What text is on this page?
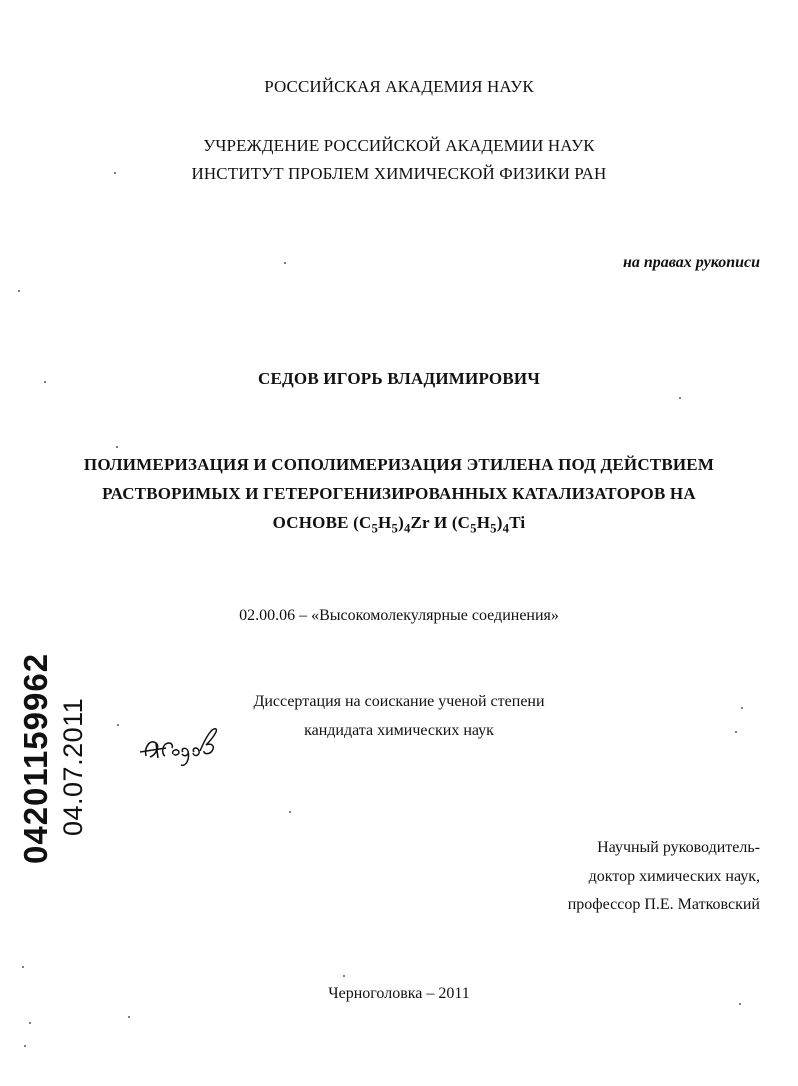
РОССИЙСКАЯ АКАДЕМИЯ НАУК
УЧРЕЖДЕНИЕ РОССИЙСКОЙ АКАДЕМИИ НАУК
ИНСТИТУТ ПРОБЛЕМ ХИМИЧЕСКОЙ ФИЗИКИ РАН
на правах рукописи
СЕДОВ ИГОРЬ ВЛАДИМИРОВИЧ
ПОЛИМЕРИЗАЦИЯ И СОПОЛИМЕРИЗАЦИЯ ЭТИЛЕНА ПОД ДЕЙСТВИЕМ
РАСТВОРИМЫХ И ГЕТЕРОГЕНИЗИРОВАННЫХ КАТАЛИЗАТОРОВ НА
ОСНОВЕ $(C_5H_5)_4Zr$ И $(C_5H_5)_4Ti$
02.00.06 – «Высокомолекулярные соединения»
Диссертация на соискание ученой степени
кандидата химических наук
Научный руководитель-
доктор химических наук,
профессор П.Е. Матковский
Черноголовка – 2011
04201159962 04.07.2011
